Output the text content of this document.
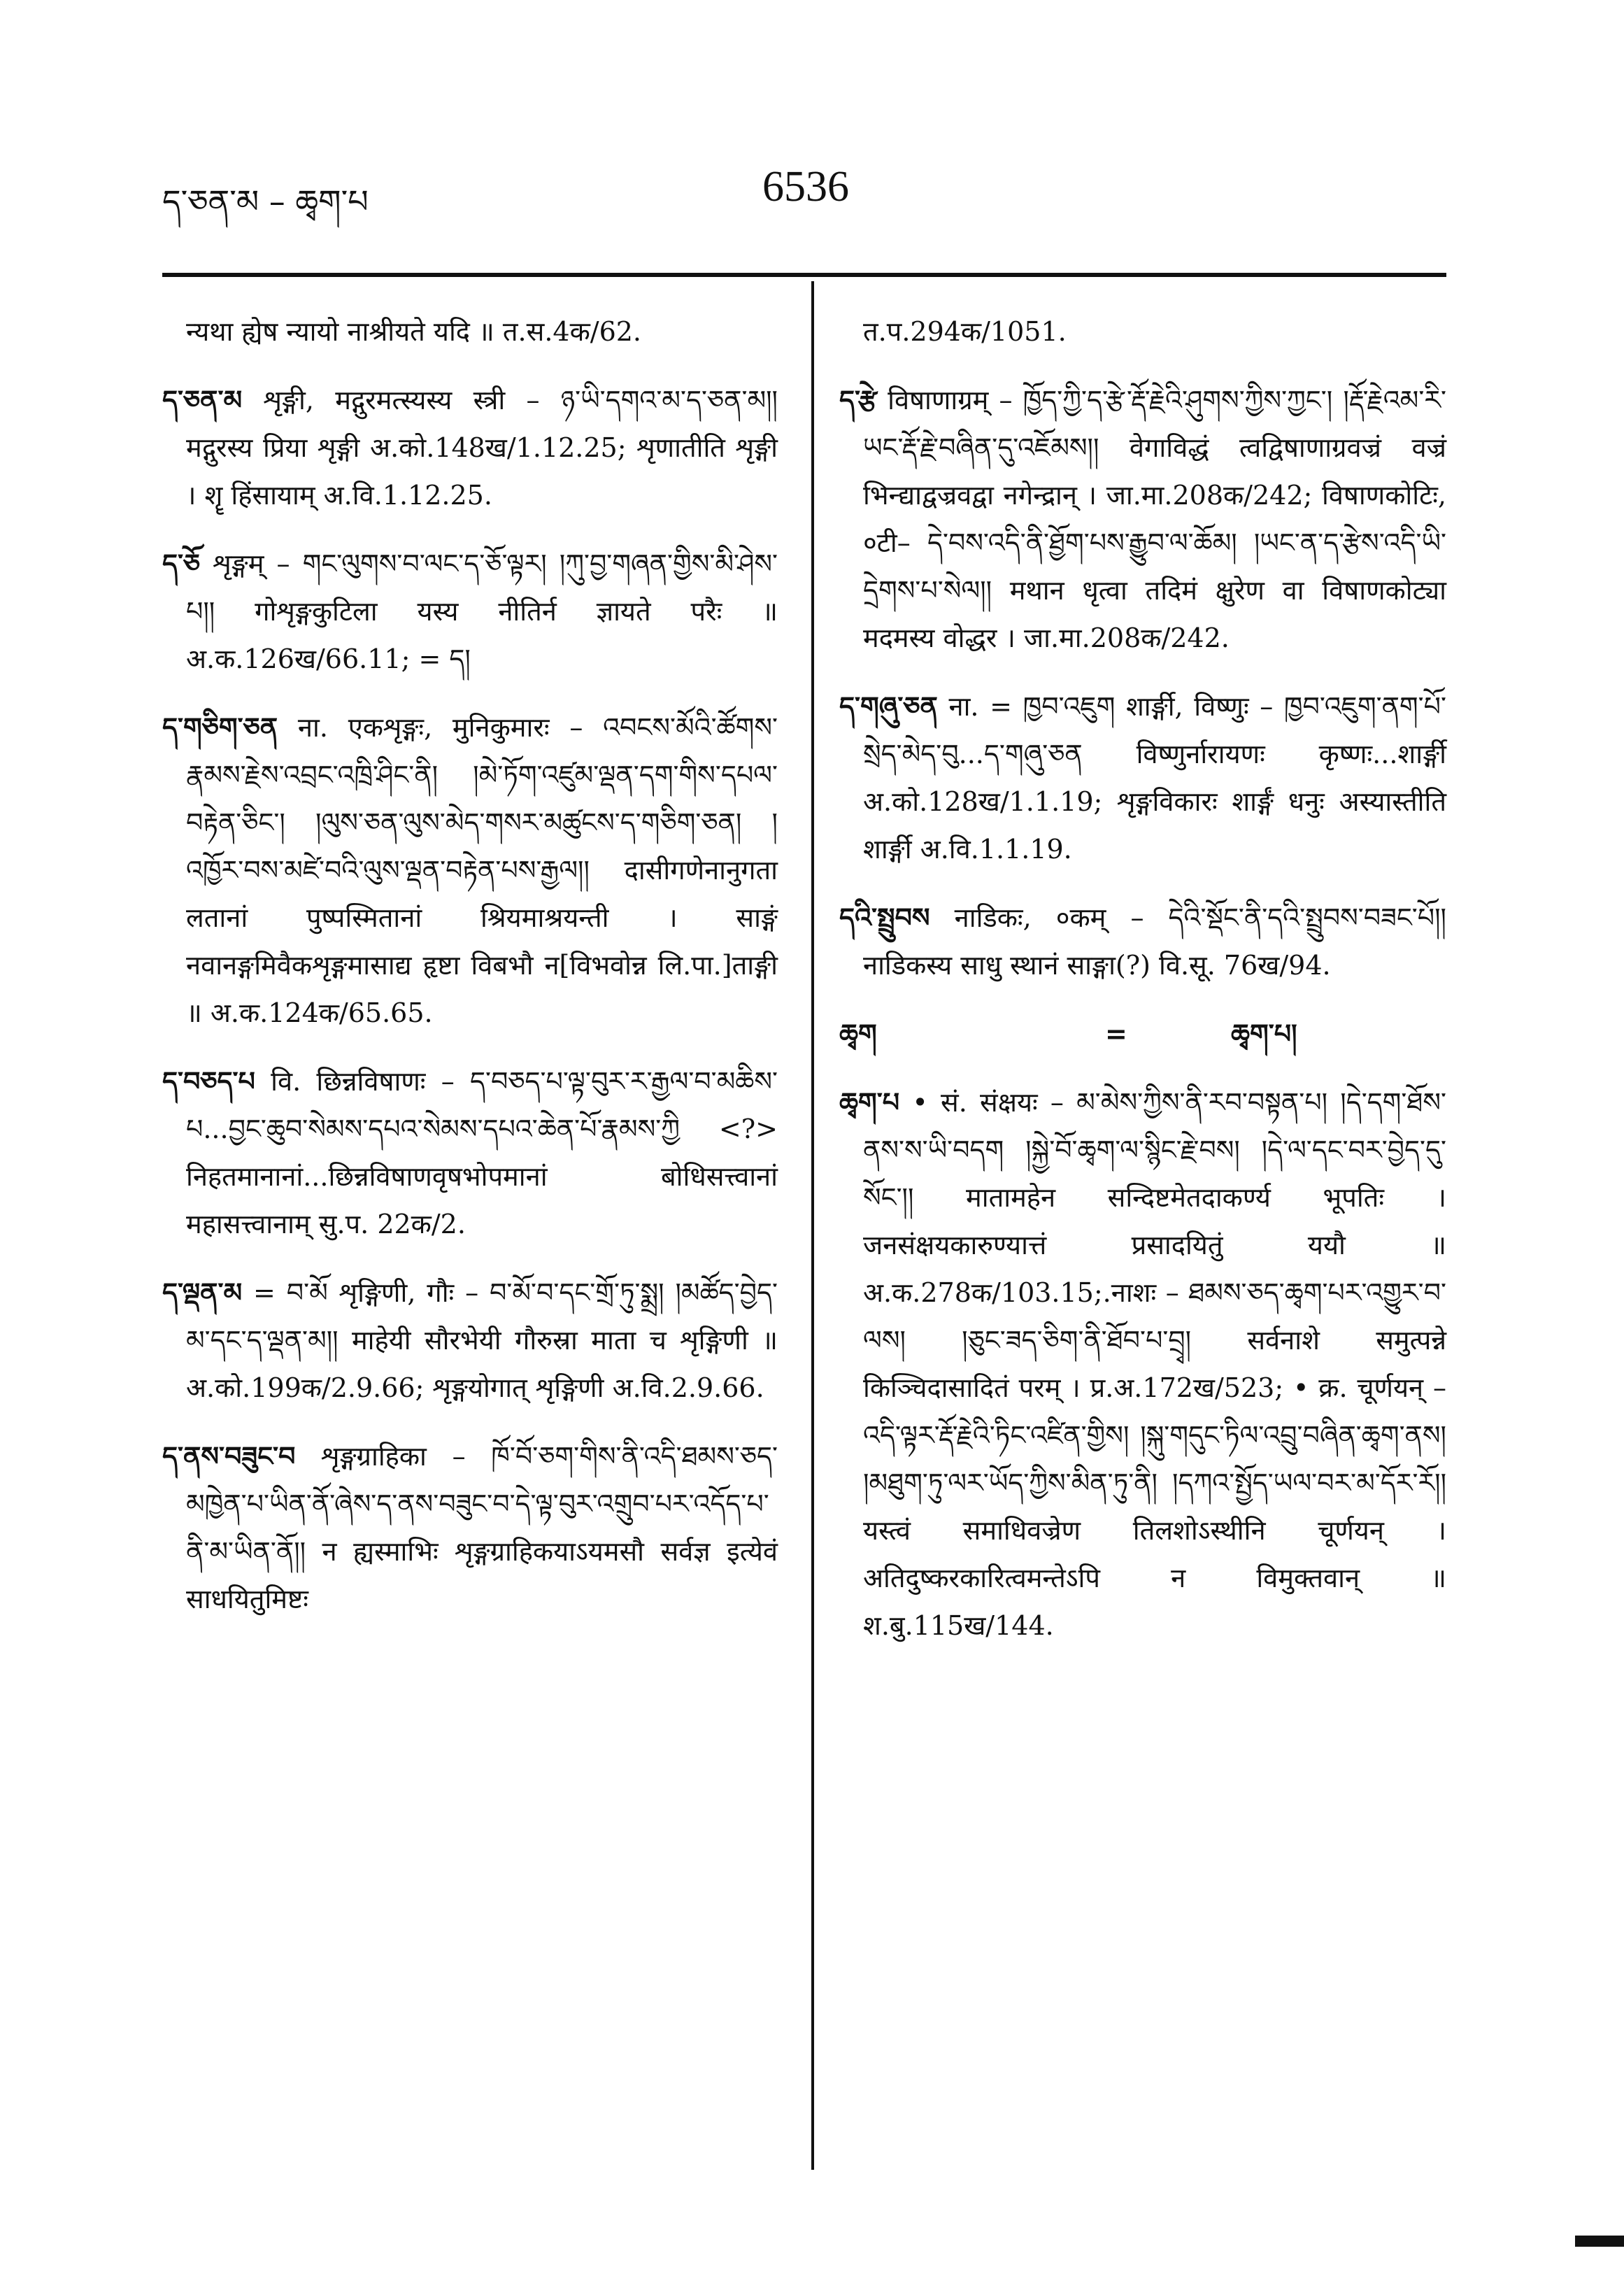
ད་ཅན་མ – ཆྭག་པ	6536

न्यथा ह्येष न्यायो नाश्रीयते यदि ॥ त.स.4क/62.

ད་ཅན་མ शृङ्गी, मद्गुरमत्स्यस्य स्त्री – ཉ་ཡི་དགའ་མ་ད་ཅན་མ།། मद्गुरस्य प्रिया शृङ्गी अ.को.148ख/1.12.25; शृणातीति शृङ्गी । शॄ हिंसायाम् अ.वि.1.12.25.

ད་ཅོ शृङ्गम् – གང་ལུགས་བ་ལང་ད་ཅོ་ལྟར། །ཀུ་བྱ་གཞན་གྱིས་མི་ཤེས་པ།། गोशृङ्गकुटिला यस्य नीतिर्न ज्ञायते परैः ॥ अ.क.126ख/66.11; = ད།

ད་གཅིག་ཅན ना. एकशृङ्गः, मुनिकुमारः – འབངས་མོའི་ཚོགས་རྣམས་རྗེས་འབྲང་འཁྲི་ཤིང་ནི། །མེ་ཏོག་འཛུམ་ལྡན་དག་གིས་དཔལ་བརྟེན་ཅིང་། །ལུས་ཅན་ལུས་མེད་གསར་མཚུངས་ད་གཅིག་ཅན། །འཁྱོར་བས་མཛེ་བའི་ལུས་ལྡན་བརྟེན་པས་རྒྱལ།། दासीगणेनानुगता लतानां पुष्पस्मितानां श्रियमाश्रयन्ती । साङ्गं नवानङ्गमिवैकशृङ्गमासाद्य हृष्टा विबभौ न[विभवोन्न लि.पा.]ताङ्गी ॥ अ.क.124क/65.65.

ད་བཅད་པ वि. छिन्नविषाणः – ད་བཅད་པ་ལྟ་བུར་ར་རྒྱལ་བ་མཆིས་པ...བྱང་ཆུབ་སེམས་དཔའ་སེམས་དཔའ་ཆེན་པོ་རྣམས་ཀྱི <?> निहतमानानां...छिन्नविषाणवृषभोपमानां बोधिसत्त्वानां महासत्त्वानाम् सु.प. 22क/2.

ད་ལྡན་མ = བ་མོ शृङ्गिणी, गौः – བ་མོ་བ་དང་གྲོ་ཏུ་སྨྲ། །མཚོད་བྱེད་མ་དང་ད་ལྡན་མ།། माहेयी सौरभेयी गौरुस्रा माता च शृङ्गिणी ॥ अ.को.199क/2.9.66; शृङ्गयोगात् शृङ्गिणी अ.वि.2.9.66.

ད་ནས་བཟུང་བ शृङ्गग्राहिका – ཁོ་བོ་ཅག་གིས་ནི་འདི་ཐམས་ཅད་མཁྱེན་པ་ཡིན་ནོ་ཞེས་ད་ནས་བཟུང་བ་དེ་ལྟ་བུར་འགྲུབ་པར་འདོད་པ་ནི་མ་ཡིན་ནོ།། न ह्यस्माभिः शृङ्गग्राहिकयाऽयमसौ सर्वज्ञ इत्येवं साधयितुमिष्टः

त.प.294क/1051.

ད་རྩེ विषाणाग्रम् – ཁྱོད་ཀྱི་ད་རྩེ་རྡོ་རྗེའི་ཤུགས་ཀྱིས་ཀྱང་། །རྡོ་རྗེའམ་རི་ཡང་རྡོ་རྗེ་བཞིན་དུ་འཇོམས།། वेगाविद्धं त्वद्विषाणाग्रवज्रं वज्रं भिन्द्याद्वज्रवद्वा नगेन्द्रान् । जा.मा.208क/242; विषाणकोटिः, ०टी– དེ་བས་འདི་ནི་ཐྱོག་པས་རྒྱུབ་ལ་ཆོམ། །ཡང་ན་ད་རྩེས་འདི་ཡི་དྲེགས་པ་སེལ།། मथान धृत्वा तदिमं क्षुरेण वा विषाणकोट्या मदमस्य वोद्धर । जा.मा.208क/242.

ད་གཞུ་ཅན ना. = ཁྱབ་འཇུག शार्ङ्गी, विष्णुः – ཁྱབ་འཇུག་ནག་པོ་སྲེད་མེད་བུ...ད་གཞུ་ཅན विष्णुर्नारायणः कृष्णः...शार्ङ्गी अ.को.128ख/1.1.19; शृङ्गविकारः शार्ङ्गं धनुः अस्यास्तीति शार्ङ्गी अ.वि.1.1.19.

དའི་སྤྲུབས नाडिकः, ०कम् – དེའི་སྡོང་ནི་དའི་སྤྲུབས་བཟང་པོ།། नाडिकस्य साधु स्थानं साङ्गा(?) वि.सू. 76ख/94.

ཆྭག	=	ཆྭག་པ།

ཆྭག་པ • सं. संक्षयः – མ་མེས་ཀྱིས་ནི་རབ་བསྟན་པ། །དེ་དག་ཐོས་ནས་ས་ཡི་བདག །སྐྱེ་བོ་ཆྭག་ལ་སྙིང་རྗེ་བས། །དེ་ལ་དང་བར་བྱེད་དུ་སོང་།། मातामहेन सन्दिष्टमेतदाकर्ण्य भूपतिः । जनसंक्षयकारुण्यात्तं प्रसादयितुं ययौ ॥ अ.क.278क/103.15;.नाशः – ཐམས་ཅད་ཆྭག་པར་འགྱུར་བ་ལས། །ཅུང་ཟད་ཅིག་ནི་ཐོབ་པ་བྲྭ། सर्वनाशे समुत्पन्ने किञ्चिदासादितं परम् । प्र.अ.172ख/523; • क्र. चूर्णयन् – འདི་ལྟར་རྡོ་རྗེའི་ཏིང་འཛིན་གྱིས། །སྐུ་གདུང་ཏིལ་འབྲུ་བཞིན་ཆྭག་ནས། །མཐུག་ཏུ་ལར་ཡོད་ཀྱིས་མིན་ཏུ་ནི། །དཀའ་སྤྱོད་ཡལ་བར་མ་དོར་རོ།། यस्त्वं समाधिवज्रेण तिलशोऽस्थीनि चूर्णयन् । अतिदुष्करकारित्वमन्तेऽपि न विमुक्तवान् ॥ श.बु.115ख/144.
